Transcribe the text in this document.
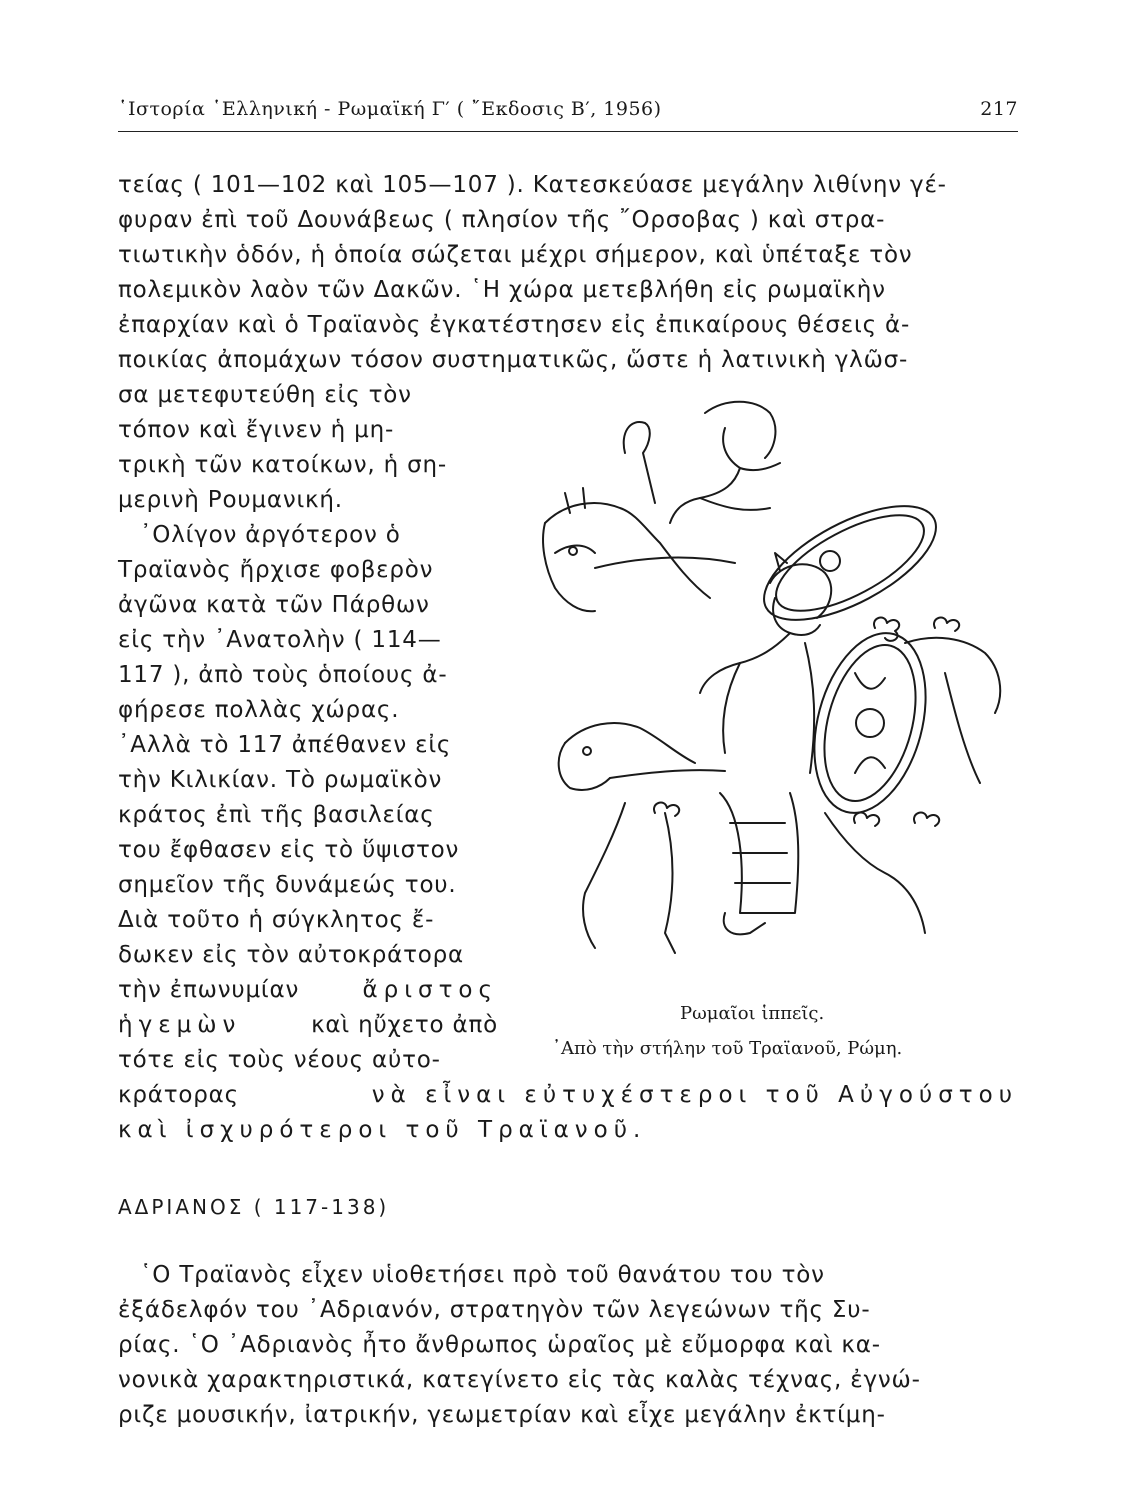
῾Ιστορία ῾Ελληνική - Ρωμαϊκή Γ′ ( ῎Εκδοσις Β′, 1956)	217
τείας ( 101—102 καὶ 105—107 ). Κατεσκεύασε μεγάλην λιθίνην γέ-
φυραν ἐπὶ τοῦ Δουνάβεως ( πλησίον τῆς ῎Ορσοβας ) καὶ στρα-
τιωτικὴν ὁδόν, ἡ ὁποία σώζεται μέχρι σήμερον, καὶ ὑπέταξε τὸν
πολεμικὸν λαὸν τῶν Δακῶν. ῾Η χώρα μετεβλήθη εἰς ρωμαϊκὴν
ἐπαρχίαν καὶ ὁ Τραϊανὸς ἐγκατέστησεν εἰς ἐπικαίρους θέσεις ἀ-
ποικίας ἀπομάχων τόσον συστηματικῶς, ὥστε ἡ λατινικὴ γλῶσ-
σα μετεφυτεύθη εἰς τὸν
τόπον καὶ ἔγινεν ἡ μη-
τρικὴ τῶν κατοίκων, ἡ ση-
μερινὴ Ρουμανική.
᾿Ολίγον ἀργότερον ὁ
Τραϊανὸς ἤρχισε φοβερὸν
ἀγῶνα κατὰ τῶν Πάρθων
εἰς τὴν ᾿Ανατολὴν ( 114—
117 ), ἀπὸ τοὺς ὁποίους ἀ-
φήρεσε πολλὰς χώρας.
᾿Αλλὰ τὸ 117 ἀπέθανεν εἰς
τὴν Κιλικίαν. Τὸ ρωμαϊκὸν
κράτος ἐπὶ τῆς βασιλείας
του ἔφθασεν εἰς τὸ ὕψιστον
σημεῖον τῆς δυνάμεώς του.
Διὰ τοῦτο ἡ σύγκλητος ἔ-
δωκεν εἰς τὸν αὐτοκράτορα
τὴν ἐπωνυμίαν	ἄριστος
ἡγεμὼν	καὶ ηὔχετο ἀπὸ
τότε εἰς τοὺς νέους αὐτο-
κράτορας	νὰ εἶναι εὐτυχέστεροι τοῦ Αὐγούστου
καὶ ἰσχυρότεροι τοῦ Τραϊανοῦ.
Ρωμαῖοι ἱππεῖς.
᾿Απὸ τὴν στήλην τοῦ Τραϊανοῦ, Ρώμη.
ΑΔΡΙΑΝΟΣ ( 117-138)
῾Ο Τραϊανὸς εἶχεν υἱοθετήσει πρὸ τοῦ θανάτου του τὸν
ἐξάδελφόν του ᾿Αδριανόν, στρατηγὸν τῶν λεγεώνων τῆς Συ-
ρίας. ῾Ο ᾿Αδριανὸς ἦτο ἄνθρωπος ὡραῖος μὲ εὔμορφα καὶ κα-
νονικὰ χαρακτηριστικά, κατεγίνετο εἰς τὰς καλὰς τέχνας, ἐγνώ-
ριζε μουσικήν, ἰατρικήν, γεωμετρίαν καὶ εἶχε μεγάλην ἐκτίμη-
